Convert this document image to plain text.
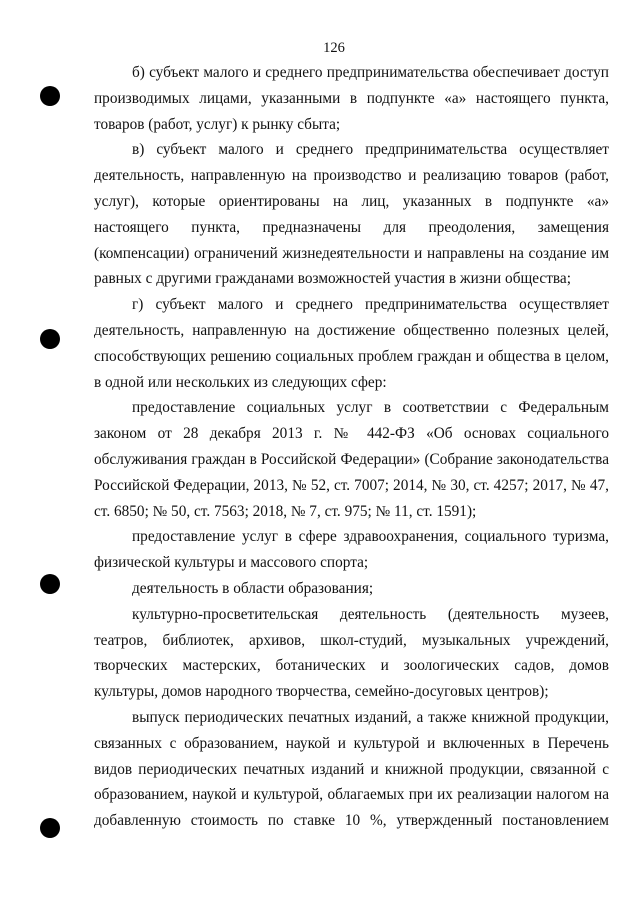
126

б) субъект малого и среднего предпринимательства обеспечивает доступ производимых лицами, указанными в подпункте «а» настоящего пункта, товаров (работ, услуг) к рынку сбыта;

в) субъект малого и среднего предпринимательства осуществляет деятельность, направленную на производство и реализацию товаров (работ, услуг), которые ориентированы на лиц, указанных в подпункте «а» настоящего пункта, предназначены для преодоления, замещения (компенсации) ограничений жизнедеятельности и направлены на создание им равных с другими гражданами возможностей участия в жизни общества;

г) субъект малого и среднего предпринимательства осуществляет деятельность, направленную на достижение общественно полезных целей, способствующих решению социальных проблем граждан и общества в целом, в одной или нескольких из следующих сфер:

предоставление социальных услуг в соответствии с Федеральным законом от 28 декабря 2013 г. № 442-ФЗ «Об основах социального обслуживания граждан в Российской Федерации» (Собрание законодательства Российской Федерации, 2013, № 52, ст. 7007; 2014, № 30, ст. 4257; 2017, № 47, ст. 6850; № 50, ст. 7563; 2018, № 7, ст. 975; № 11, ст. 1591);

предоставление услуг в сфере здравоохранения, социального туризма, физической культуры и массового спорта;

деятельность в области образования;

культурно-просветительская деятельность (деятельность музеев, театров, библиотек, архивов, школ-студий, музыкальных учреждений, творческих мастерских, ботанических и зоологических садов, домов культуры, домов народного творчества, семейно-досуговых центров);

выпуск периодических печатных изданий, а также книжной продукции, связанных с образованием, наукой и культурой и включенных в Перечень видов периодических печатных изданий и книжной продукции, связанной с образованием, наукой и культурой, облагаемых при их реализации налогом на добавленную стоимость по ставке 10 %, утвержденный постановлением
